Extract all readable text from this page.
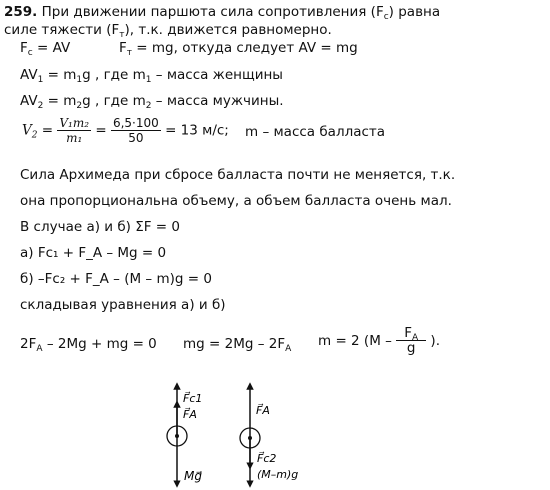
259. При движении паршюта сила сопротивления $(F_c)$ равна
силе тяжести $(F_т)$, т.к. движется равномерно.
$F_c$ = AV	$F_т$ = mg, откуда следует AV = mg
$AV_1 = m_1g$ , где $m_1$ – масса женщины
$AV_2 = m_2g$ , где $m_2$ – масса мужчины.
$V_2 = \frac{\text{V₁m₂}}{\text{m₁}} = \frac{6,5\cdot 100}{50} = 13$ м/с; m – масса балласта
Сила Архимеда при сбросе балласта почти не меняется, т.к.
она пропорциональна объему, а объем балласта очень мал.
В случае а) и б) ΣF = 0
а) Fc₁ + F_A – Mg = 0
б) –Fc₂ + F_A – (M – m)g = 0
складывая уравнения а) и б)
$2F_A - 2Mg$ + mg = 0 mg = $2Mg - 2F_A$
m = 2 ($M - \frac{F_A}{g}$ ).
F⃗c1
F⃗A
Mg⃗
F⃗A
F⃗c2
(M–m)g
